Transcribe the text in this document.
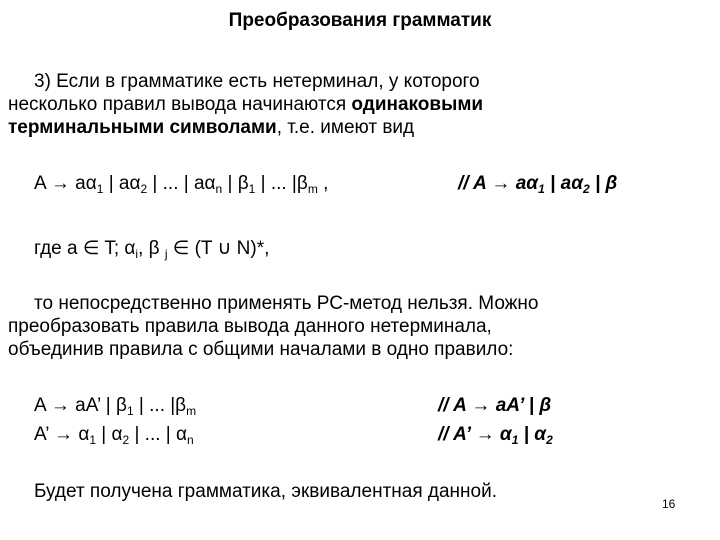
Преобразования грамматик
3) Если в грамматике есть нетерминал, у которого
несколько правил вывода начинаются одинаковыми
терминальными символами, т.е. имеют вид
$A \to a\alpha_1$ | $a\alpha_2$ | ... | $a\alpha_n$ | $\beta_1$ | ... $|\beta_m$ ,	// $A \to a\alpha_1$ | $a\alpha_2$ | β
где a ∈ T; $\alpha_i$, β $_j$ ∈ (T ∪ N)*,
то непосредственно применять РС-метод нельзя. Можно
преобразовать правила вывода данного нетерминала,
объединив правила с общими началами в одно правило:
A → aA’ | $\beta_1$ | ... $|\beta_m$
A’ → $\alpha_1$ | $\alpha_2$ | ... | $\alpha_n$
// A → aA’ | β
// A’ → $\alpha_1$ | $\alpha_2$
Будет получена грамматика, эквивалентная данной.
16
